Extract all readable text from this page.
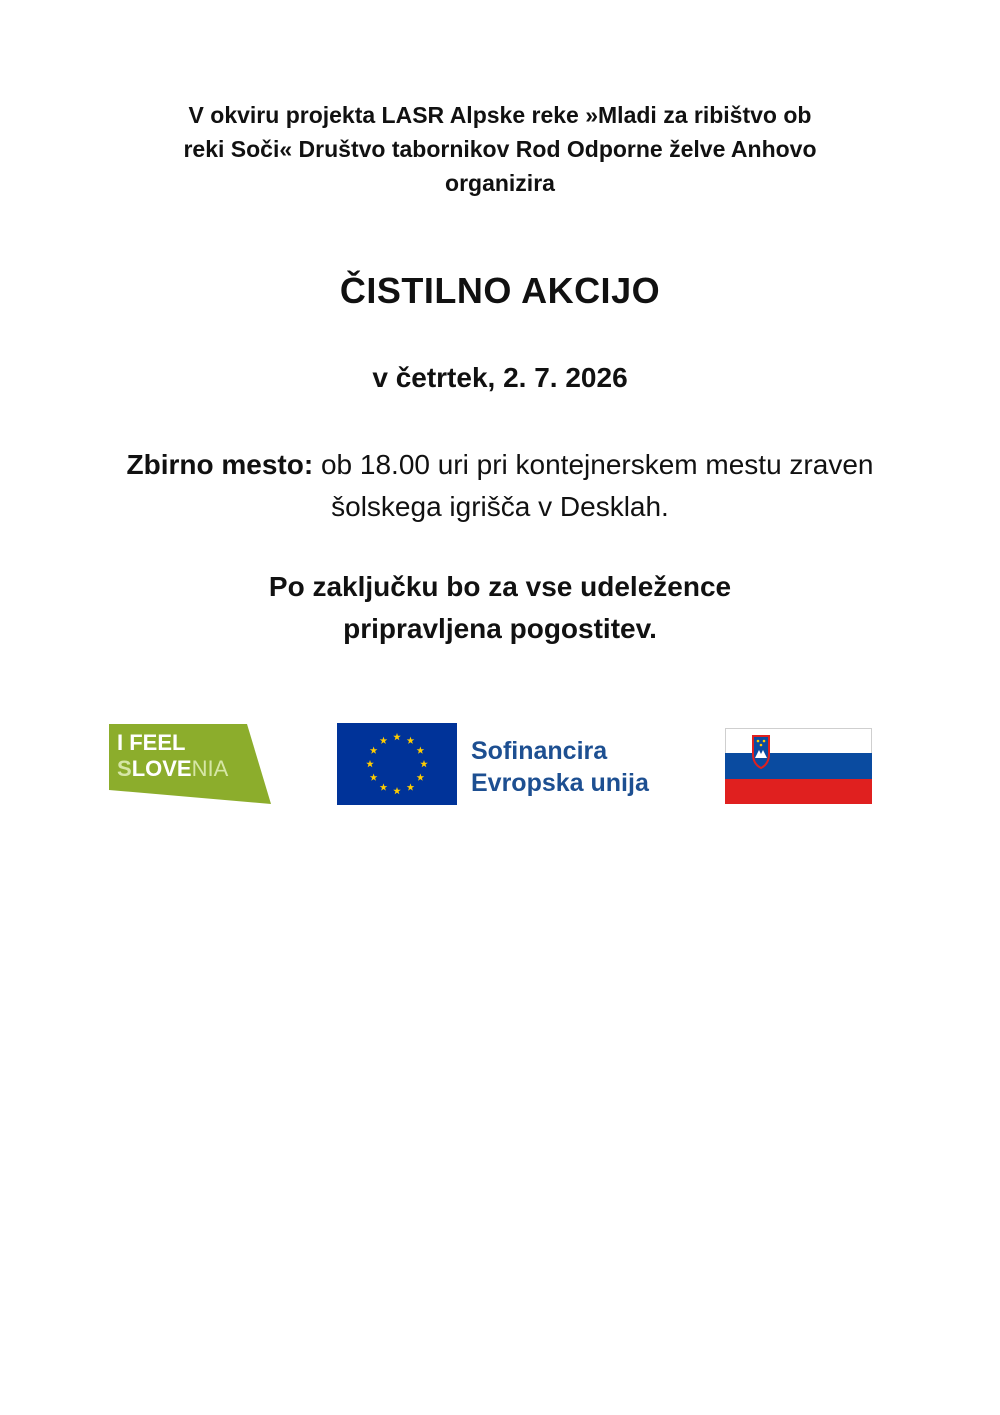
V okviru projekta LASR Alpske reke »Mladi za ribištvo ob
reki Soči« Društvo tabornikov Rod Odporne želve Anhovo
organizira
ČISTILNO AKCIJO
v četrtek, 2. 7. 2026
Zbirno mesto: ob 18.00 uri pri kontejnerskem mestu zraven
šolskega igrišča v Desklah.
Po zaključku bo za vse udeležence
pripravljena pogostitev.
I FEEL
SLOVENIA
Sofinancira
Evropska unija
